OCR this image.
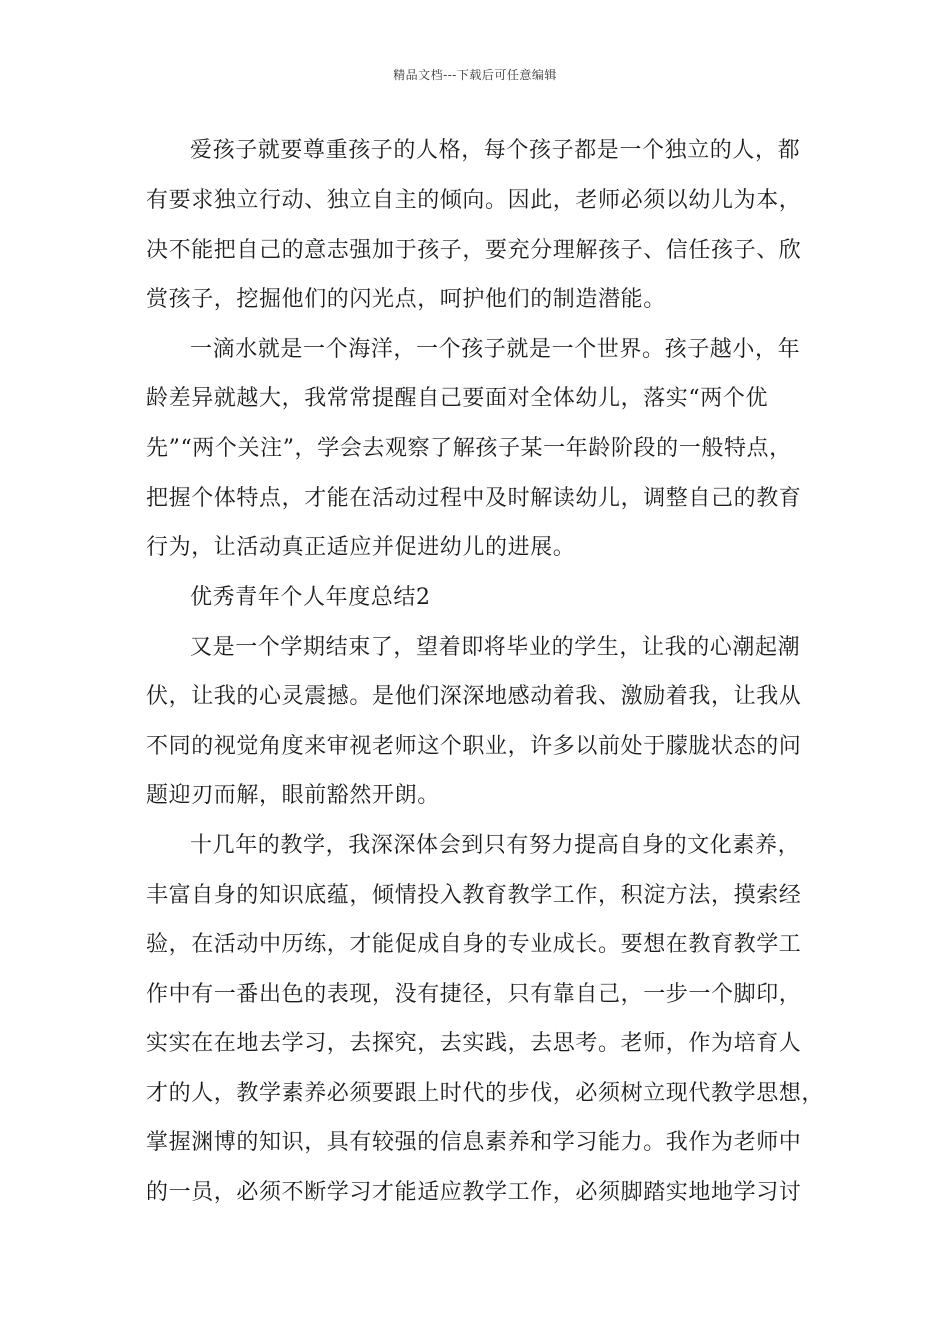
精品文档---下载后可任意编辑
爱孩子就要尊重孩子的人格，每个孩子都是一个独立的人，都
有要求独立行动、独立自主的倾向。因此，老师必须以幼儿为本，
决不能把自己的意志强加于孩子，要充分理解孩子、信任孩子、欣
赏孩子，挖掘他们的闪光点，呵护他们的制造潜能。
一滴水就是一个海洋，一个孩子就是一个世界。孩子越小，年
龄差异就越大，我常常提醒自己要面对全体幼儿，落实“两个优
先”“两个关注”，学会去观察了解孩子某一年龄阶段的一般特点，
把握个体特点，才能在活动过程中及时解读幼儿，调整自己的教育
行为，让活动真正适应并促进幼儿的进展。
优秀青年个人年度总结2
又是一个学期结束了，望着即将毕业的学生，让我的心潮起潮
伏，让我的心灵震撼。是他们深深地感动着我、激励着我，让我从
不同的视觉角度来审视老师这个职业，许多以前处于朦胧状态的问
题迎刃而解，眼前豁然开朗。
十几年的教学，我深深体会到只有努力提高自身的文化素养，
丰富自身的知识底蕴，倾情投入教育教学工作，积淀方法，摸索经
验，在活动中历练，才能促成自身的专业成长。要想在教育教学工
作中有一番出色的表现，没有捷径，只有靠自己，一步一个脚印，
实实在在地去学习，去探究，去实践，去思考。老师，作为培育人
才的人，教学素养必须要跟上时代的步伐，必须树立现代教学思想，
掌握渊博的知识，具有较强的信息素养和学习能力。我作为老师中
的一员，必须不断学习才能适应教学工作，必须脚踏实地地学习讨
